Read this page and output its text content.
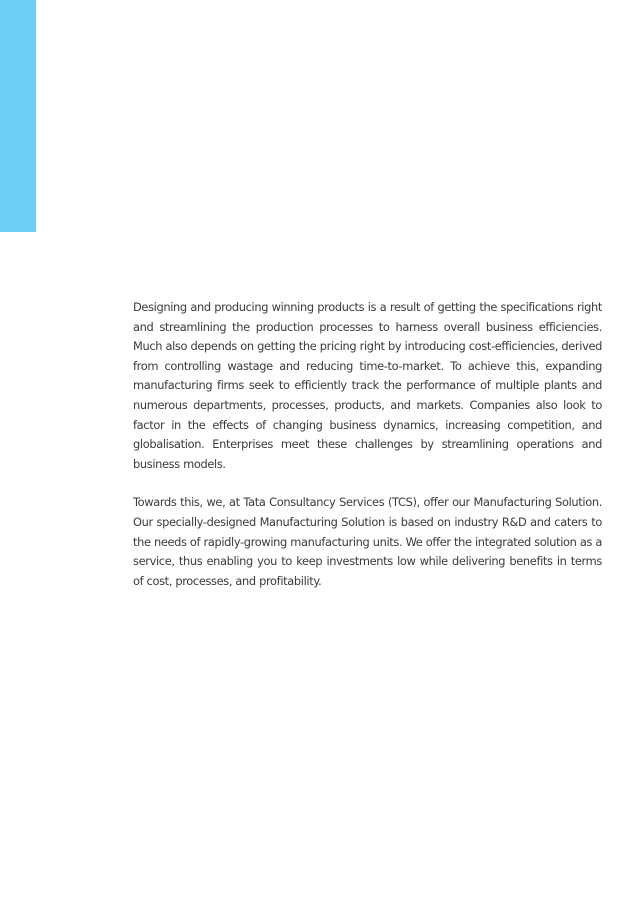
Designing and producing winning products is a result of getting the specifications right and streamlining the production processes to harness overall business efficiencies. Much also depends on getting the pricing right by introducing cost-efficiencies, derived from controlling wastage and reducing time-to-market. To achieve this, expanding manufacturing firms seek to efficiently track the performance of multiple plants and numerous departments, processes, products, and markets. Companies also look to factor in the effects of changing business dynamics, increasing competition, and globalisation. Enterprises meet these challenges by streamlining operations and business models.

Towards this, we, at Tata Consultancy Services (TCS), offer our Manufacturing Solution. Our specially-designed Manufacturing Solution is based on industry R&D and caters to the needs of rapidly-growing manufacturing units. We offer the integrated solution as a service, thus enabling you to keep investments low while delivering benefits in terms of cost, processes, and profitability.
